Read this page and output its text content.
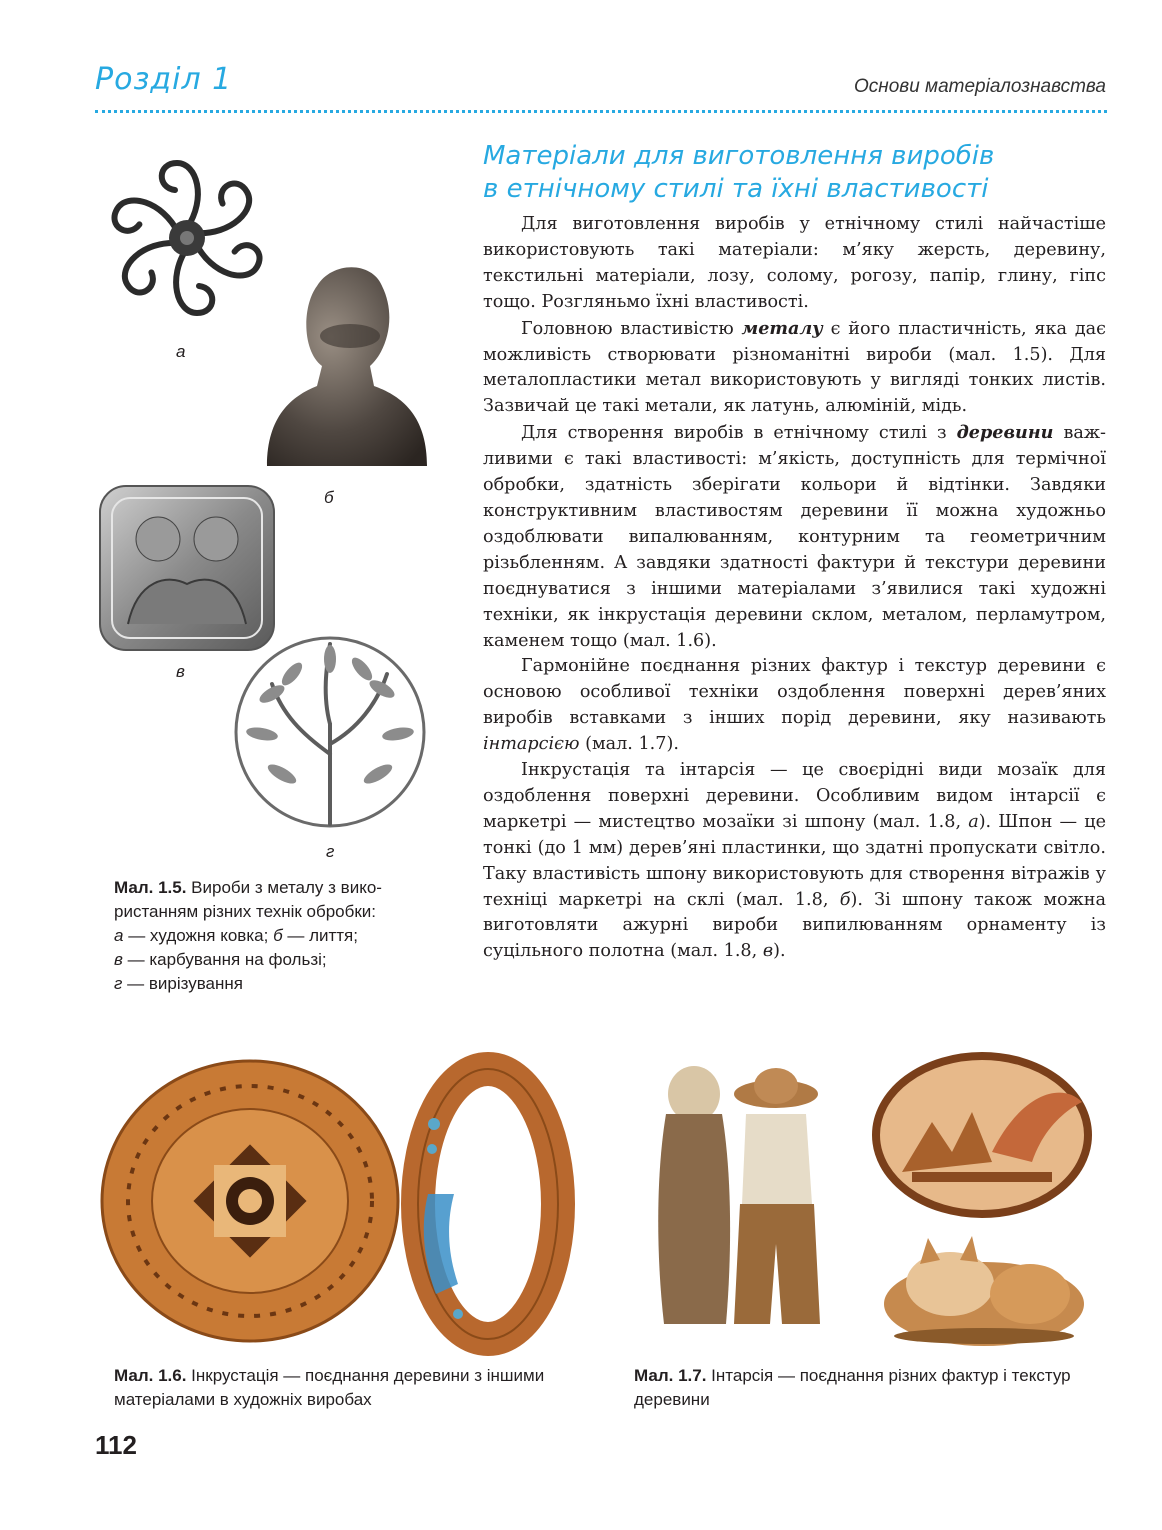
Розділ 1	Основи матеріалознавства
Матеріали для виготовлення виробів
в етнічному стилі та їхні властивості

Для виготовлення виробів у етнічному стилі найчастіше використовують такі матеріали: м’яку жерсть, деревину, текстильні матеріали, лозу, солому, рогозу, папір, глину, гіпс тощо. Розгляньмо їхні властивості.

Головною властивістю металу є його пластичність, яка дає можливість створювати різноманітні вироби (мал. 1.5). Для металопластики метал використовують у вигляді тонких листів. Зазвичай це такі метали, як латунь, алюміній, мідь.

Для створення виробів в етнічному стилі з деревини важливими є такі властивості: м’якість, доступність для термічної обробки, здатність зберігати кольори й відтінки. Завдяки конструктивним властивостям деревини її можна художньо оздоблювати випалюванням, контурним та геометричним різьбленням. А завдяки здатності фактури й текстури деревини поєднуватися з іншими матеріалами з’явилися такі художні техніки, як інкрустація деревини склом, металом, перламутром, каменем тощо (мал. 1.6).

Гармонійне поєднання різних фактур і текстур деревини є основою особливої техніки оздоблення поверхні дерев’яних виробів вставками з інших порід деревини, яку називають інтарсією (мал. 1.7).

Інкрустація та інтарсія — це своєрідні види мозаїк для оздоблення поверхні деревини. Особливим видом інтарсії є маркетрі — мистецтво мозаїки зі шпону (мал. 1.8, а). Шпон — це тонкі (до 1 мм) дерев’яні пластинки, що здатні пропускати світло. Таку властивість шпону використовують для створення вітражів у техніці маркетрі на склі (мал. 1.8, б). Зі шпону також можна виготовляти ажурні вироби випилюванням орнаменту із суцільного полотна (мал. 1.8, в).

а
б
в
г
Мал. 1.5. Вироби з металу з використанням різних технік обробки:
а — художня ковка; б — лиття;
в — карбування на фользі;
г — вирізування
Мал. 1.6. Інкрустація — поєднання деревини з іншими матеріалами в художніх виробах
Мал. 1.7. Інтарсія — поєднання різних фактур і текстур деревини
112
